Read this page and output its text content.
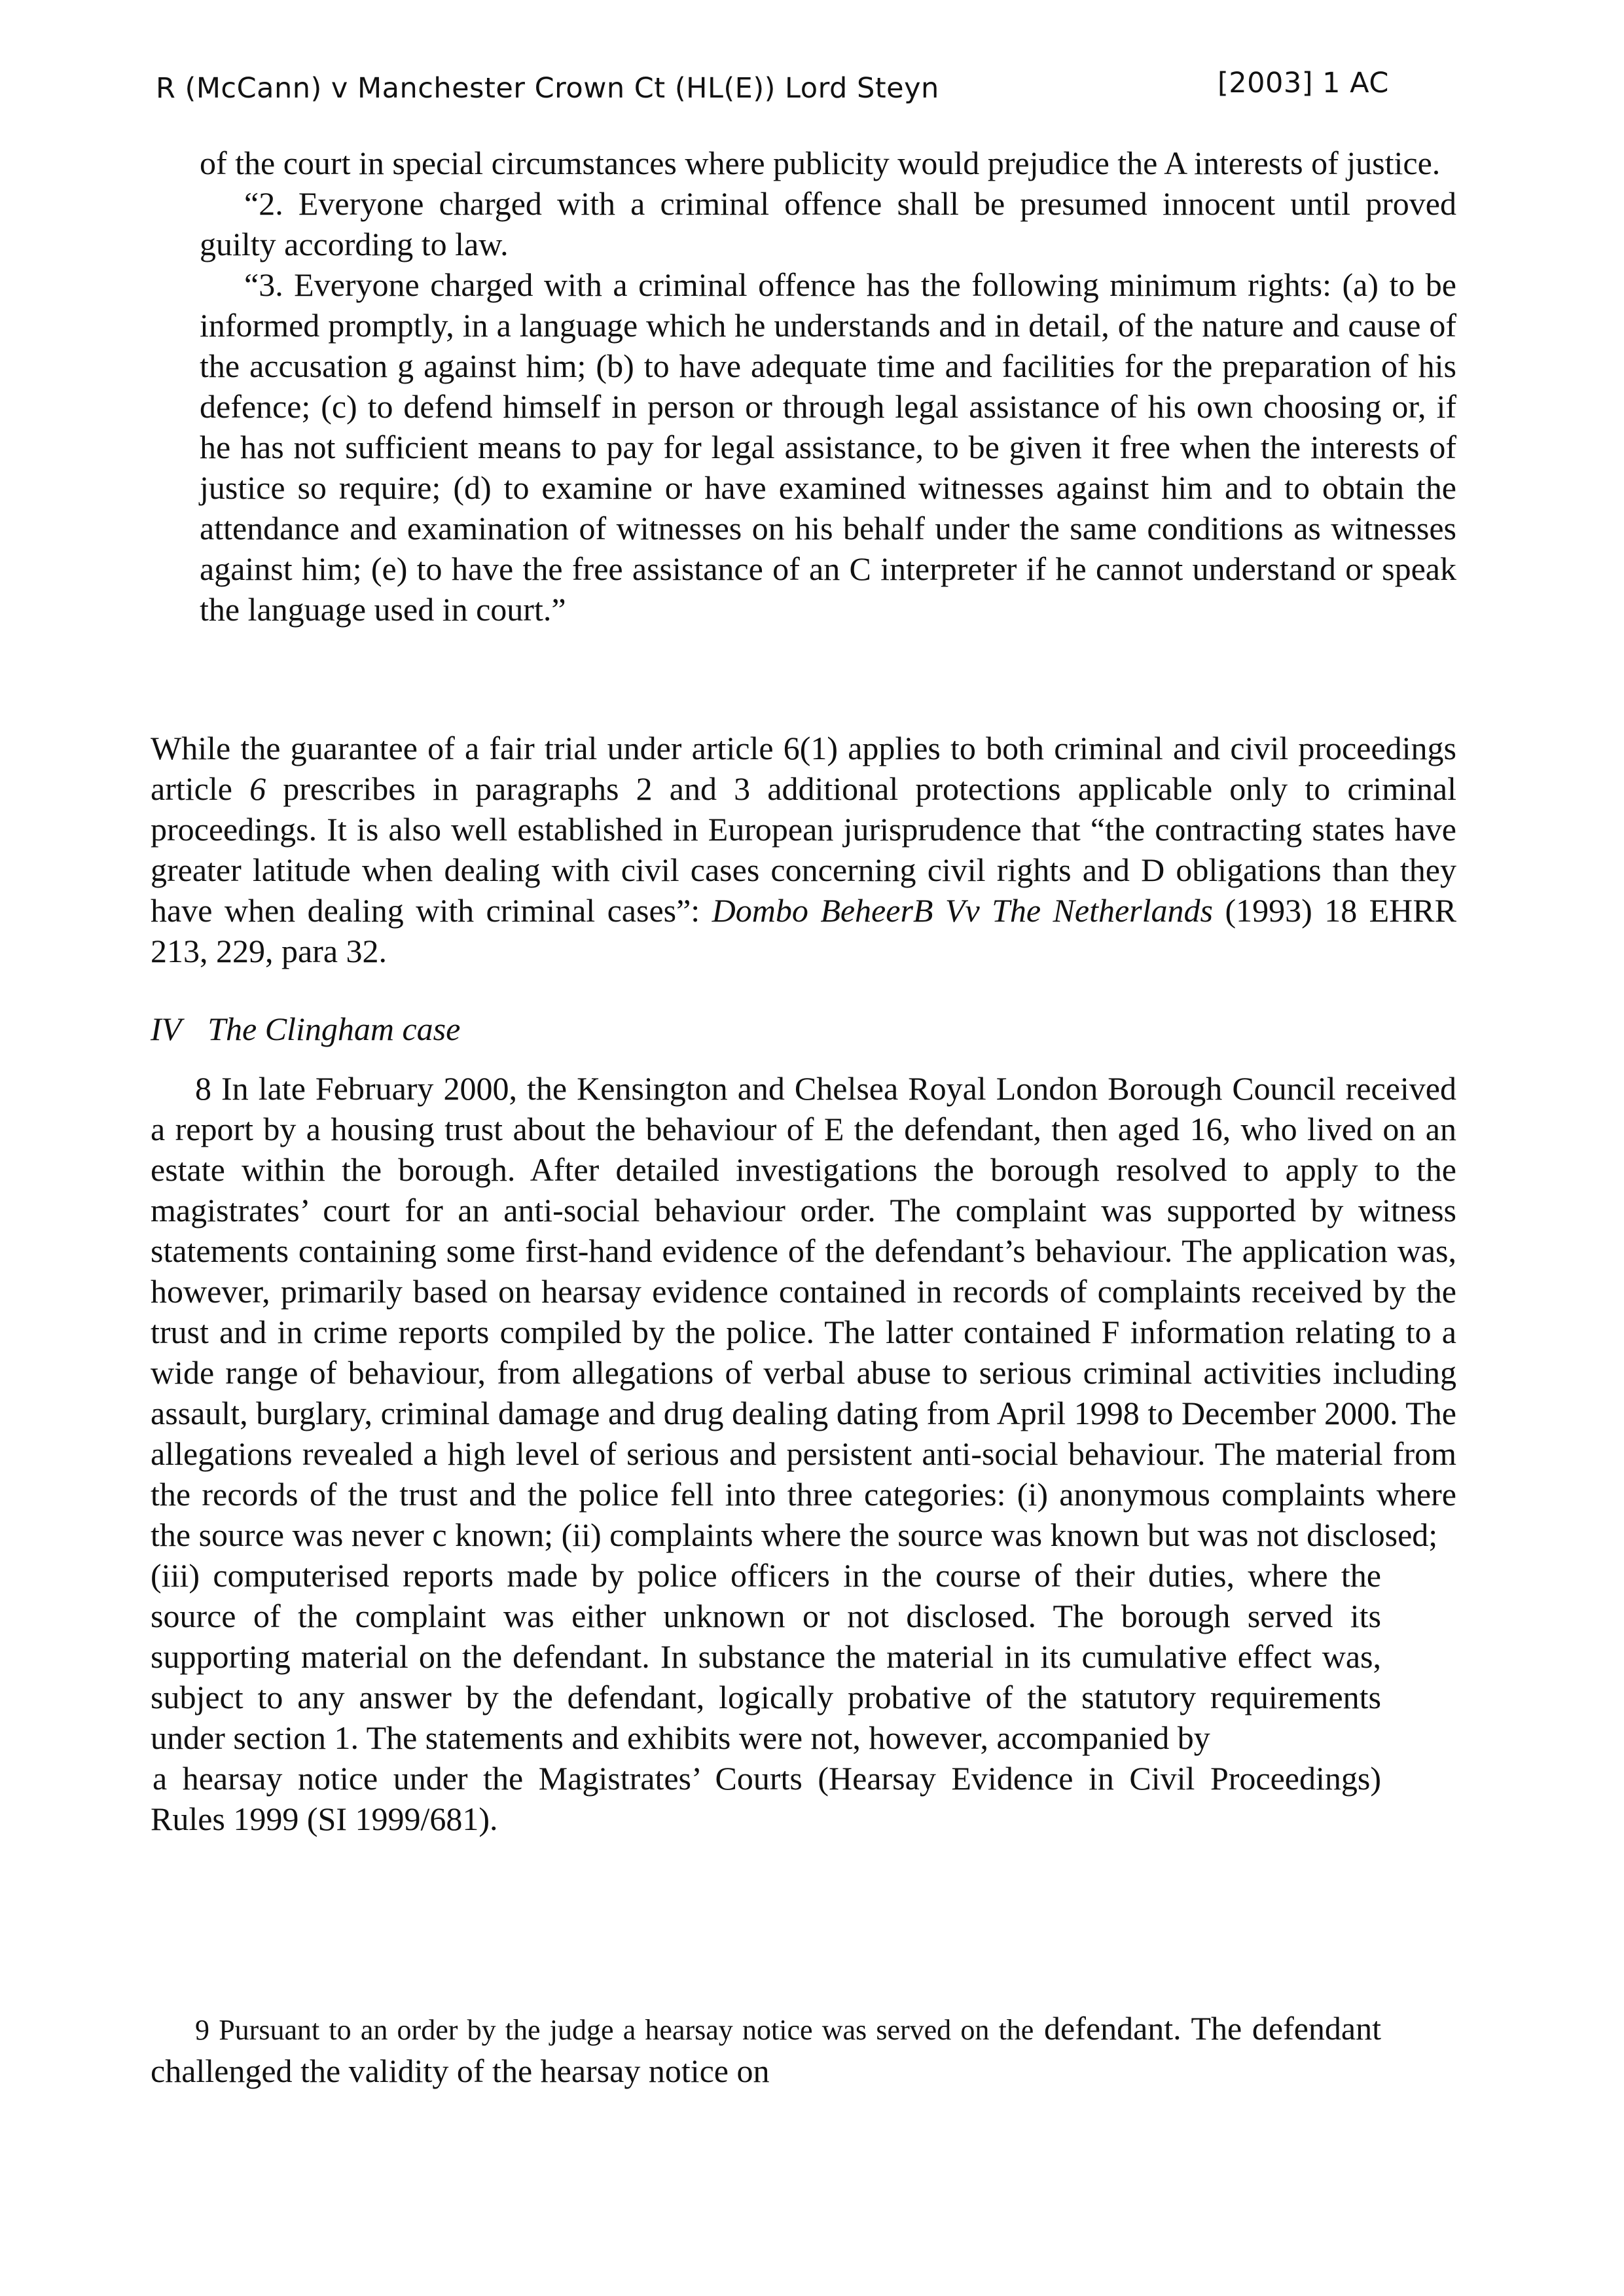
R (McCann) v Manchester Crown Ct (HL(E)) Lord Steyn	[2003] 1 AC

of the court in special circumstances where publicity would prejudice the A interests of justice.

“2. Everyone charged with a criminal offence shall be presumed innocent until proved guilty according to law.

“3. Everyone charged with a criminal offence has the following minimum rights: (a) to be informed promptly, in a language which he understands and in detail, of the nature and cause of the accusation g against him; (b) to have adequate time and facilities for the preparation of his defence; (c) to defend himself in person or through legal assistance of his own choosing or, if he has not sufficient means to pay for legal assistance, to be given it free when the interests of justice so require; (d) to examine or have examined witnesses against him and to obtain the attendance and examination of witnesses on his behalf under the same conditions as witnesses against him; (e) to have the free assistance of an C interpreter if he cannot understand or speak the language used in court.”

While the guarantee of a fair trial under article 6(1) applies to both criminal and civil proceedings article 6 prescribes in paragraphs 2 and 3 additional protections applicable only to criminal proceedings. It is also well established in European jurisprudence that “the contracting states have greater latitude when dealing with civil cases concerning civil rights and D obligations than they have when dealing with criminal cases”: Dombo BeheerB Vv The Netherlands (1993) 18 EHRR 213, 229, para 32.

IV The Clingham case

8 In late February 2000, the Kensington and Chelsea Royal London Borough Council received a report by a housing trust about the behaviour of E the defendant, then aged 16, who lived on an estate within the borough. After detailed investigations the borough resolved to apply to the magistrates’ court for an anti-social behaviour order. The complaint was supported by witness statements containing some first-hand evidence of the defendant’s behaviour. The application was, however, primarily based on hearsay evidence contained in records of complaints received by the trust and in crime reports compiled by the police. The latter contained F information relating to a wide range of behaviour, from allegations of verbal abuse to serious criminal activities including assault, burglary, criminal damage and drug dealing dating from April 1998 to December 2000. The allegations revealed a high level of serious and persistent anti-social behaviour. The material from the records of the trust and the police fell into three categories: (i) anonymous complaints where the source was never c known; (ii) complaints where the source was known but was not disclosed;

(iii) computerised reports made by police officers in the course of their duties, where the source of the complaint was either unknown or not disclosed. The borough served its supporting material on the defendant. In substance the material in its cumulative effect was, subject to any answer by the defendant, logically probative of the statutory requirements under section 1. The statements and exhibits were not, however, accompanied by

a hearsay notice under the Magistrates’ Courts (Hearsay Evidence in Civil Proceedings) Rules 1999 (SI 1999/681).

9 Pursuant to an order by the judge a hearsay notice was served on the defendant. The defendant challenged the validity of the hearsay notice on
